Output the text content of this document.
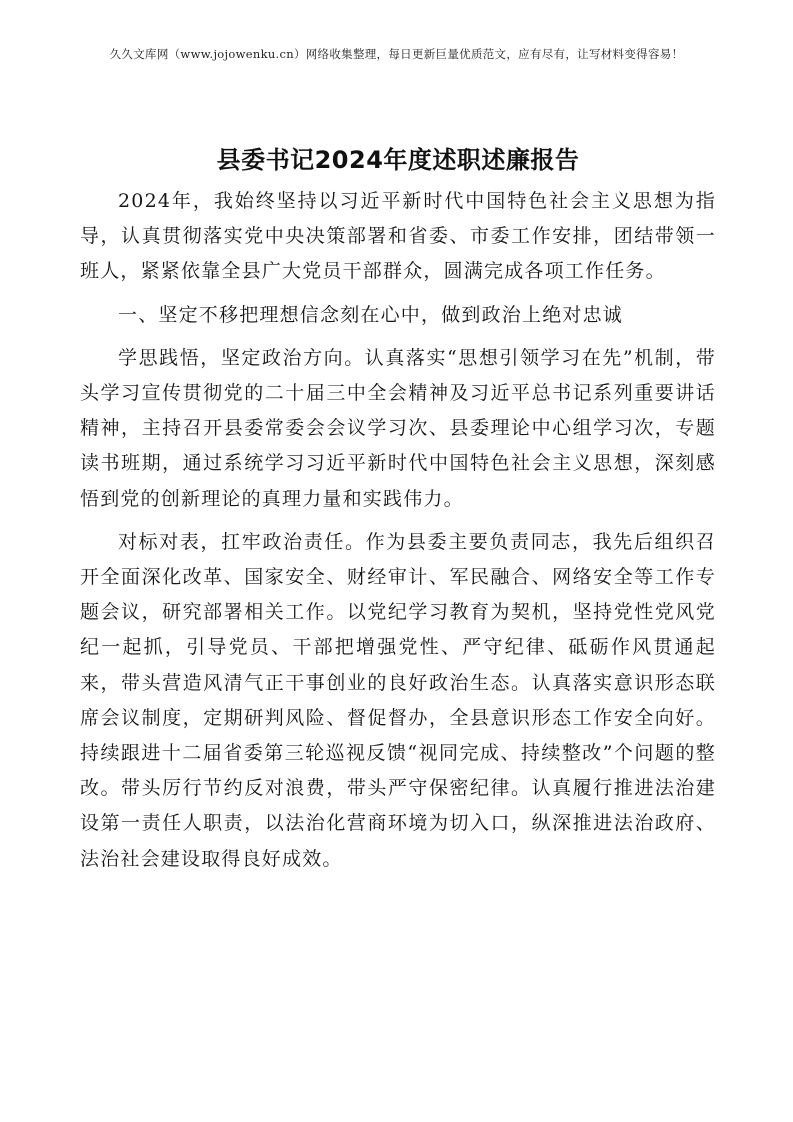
久久文库网（www.jojowenku.cn）网络收集整理，每日更新巨量优质范文，应有尽有，让写材料变得容易！
县委书记2024年度述职述廉报告

2024年，我始终坚持以习近平新时代中国特色社会主义思想为指导，认真贯彻落实党中央决策部署和省委、市委工作安排，团结带领一班人，紧紧依靠全县广大党员干部群众，圆满完成各项工作任务。

一、坚定不移把理想信念刻在心中，做到政治上绝对忠诚

学思践悟，坚定政治方向。认真落实“思想引领学习在先”机制，带头学习宣传贯彻党的二十届三中全会精神及习近平总书记系列重要讲话精神，主持召开县委常委会会议学习次、县委理论中心组学习次，专题读书班期，通过系统学习习近平新时代中国特色社会主义思想，深刻感悟到党的创新理论的真理力量和实践伟力。

对标对表，扛牢政治责任。作为县委主要负责同志，我先后组织召开全面深化改革、国家安全、财经审计、军民融合、网络安全等工作专题会议，研究部署相关工作。以党纪学习教育为契机，坚持党性党风党纪一起抓，引导党员、干部把增强党性、严守纪律、砥砺作风贯通起来，带头营造风清气正干事创业的良好政治生态。认真落实意识形态联席会议制度，定期研判风险、督促督办，全县意识形态工作安全向好。持续跟进十二届省委第三轮巡视反馈“视同完成、持续整改”个问题的整改。带头厉行节约反对浪费，带头严守保密纪律。认真履行推进法治建设第一责任人职责，以法治化营商环境为切入口，纵深推进法治政府、法治社会建设取得良好成效。
